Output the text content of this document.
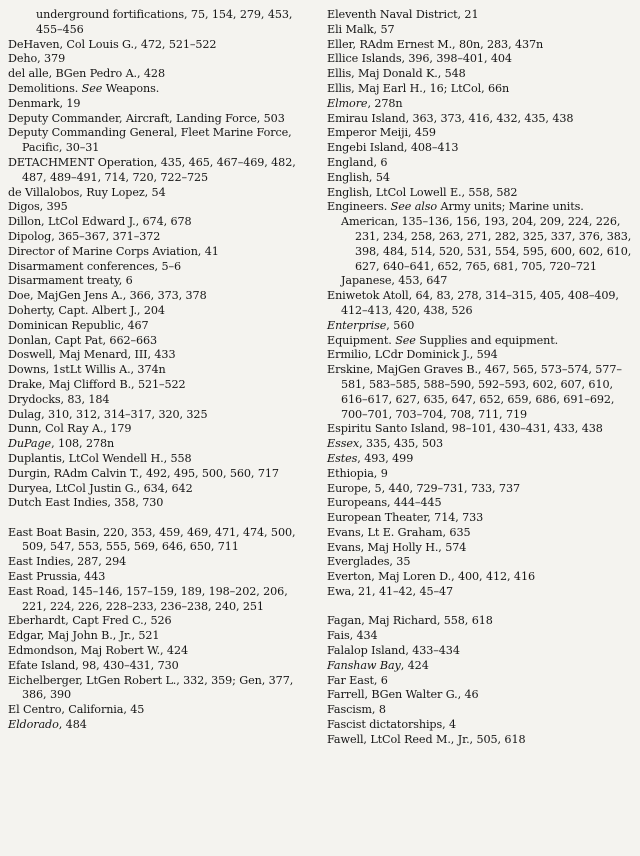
underground fortifications, 75, 154, 279, 453, 455–456
DeHaven, Col Louis G., 472, 521–522
Deho, 379
del alle, BGen Pedro A., 428
Demolitions. See Weapons.
Denmark, 19
Deputy Commander, Aircraft, Landing Force, 503
Deputy Commanding General, Fleet Marine Force, Pacific, 30–31
DETACHMENT Operation, 435, 465, 467–469, 482, 487, 489–491, 714, 720, 722–725
de Villalobos, Ruy Lopez, 54
Digos, 395
Dillon, LtCol Edward J., 674, 678
Dipolog, 365–367, 371–372
Director of Marine Corps Aviation, 41
Disarmament conferences, 5–6
Disarmament treaty, 6
Doe, MajGen Jens A., 366, 373, 378
Doherty, Capt. Albert J., 204
Dominican Republic, 467
Donlan, Capt Pat, 662–663
Doswell, Maj Menard, III, 433
Downs, 1stLt Willis A., 374n
Drake, Maj Clifford B., 521–522
Drydocks, 83, 184
Dulag, 310, 312, 314–317, 320, 325
Dunn, Col Ray A., 179
DuPage, 108, 278n
Duplantis, LtCol Wendell H., 558
Durgin, RAdm Calvin T., 492, 495, 500, 560, 717
Duryea, LtCol Justin G., 634, 642
Dutch East Indies, 358, 730
East Boat Basin, 220, 353, 459, 469, 471, 474, 500, 509, 547, 553, 555, 569, 646, 650, 711
East Indies, 287, 294
East Prussia, 443
East Road, 145–146, 157–159, 189, 198–202, 206, 221, 224, 226, 228–233, 236–238, 240, 251
Eberhardt, Capt Fred C., 526
Edgar, Maj John B., Jr., 521
Edmondson, Maj Robert W., 424
Efate Island, 98, 430–431, 730
Eichelberger, LtGen Robert L., 332, 359; Gen, 377, 386, 390
El Centro, California, 45
Eldorado, 484
Eleventh Naval District, 21
Eli Malk, 57
Eller, RAdm Ernest M., 80n, 283, 437n
Ellice Islands, 396, 398–401, 404
Ellis, Maj Donald K., 548
Ellis, Maj Earl H., 16; LtCol, 66n
Elmore, 278n
Emirau Island, 363, 373, 416, 432, 435, 438
Emperor Meiji, 459
Engebi Island, 408–413
England, 6
English, 54
English, LtCol Lowell E., 558, 582
Engineers. See also Army units; Marine units.
American, 135–136, 156, 193, 204, 209, 224, 226, 231, 234, 258, 263, 271, 282, 325, 337, 376, 383, 398, 484, 514, 520, 531, 554, 595, 600, 602, 610, 627, 640–641, 652, 765, 681, 705, 720–721
Japanese, 453, 647
Eniwetok Atoll, 64, 83, 278, 314–315, 405, 408–409, 412–413, 420, 438, 526
Enterprise, 560
Equipment. See Supplies and equipment.
Ermilio, LCdr Dominick J., 594
Erskine, MajGen Graves B., 467, 565, 573–574, 577–581, 583–585, 588–590, 592–593, 602, 607, 610, 616–617, 627, 635, 647, 652, 659, 686, 691–692, 700–701, 703–704, 708, 711, 719
Espiritu Santo Island, 98–101, 430–431, 433, 438
Essex, 335, 435, 503
Estes, 493, 499
Ethiopia, 9
Europe, 5, 440, 729–731, 733, 737
Europeans, 444–445
European Theater, 714, 733
Evans, Lt E. Graham, 635
Evans, Maj Holly H., 574
Everglades, 35
Everton, Maj Loren D., 400, 412, 416
Ewa, 21, 41–42, 45–47
Fagan, Maj Richard, 558, 618
Fais, 434
Falalop Island, 433–434
Fanshaw Bay, 424
Far East, 6
Farrell, BGen Walter G., 46
Fascism, 8
Fascist dictatorships, 4
Fawell, LtCol Reed M., Jr., 505, 618
